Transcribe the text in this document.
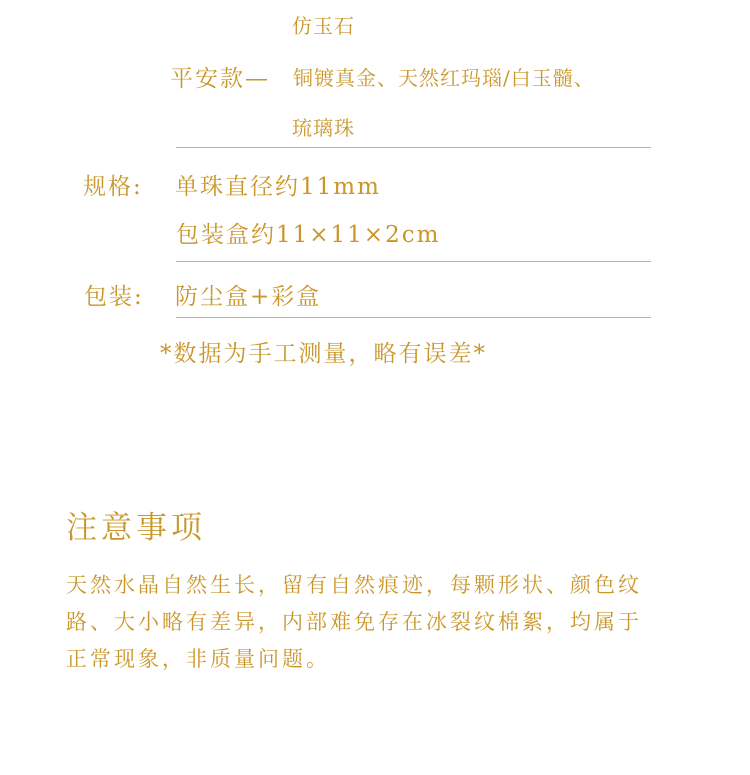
仿玉石
平安款— 铜镀真金、天然红玛瑙/白玉髓、
琉璃珠
规格: 单珠直径约11mm
包装盒约11×11×2cm
包装: 防尘盒+彩盒
*数据为手工测量，略有误差*
注意事项
天然水晶自然生长，留有自然痕迹，每颗形状、颜色纹
路、大小略有差异，内部难免存在冰裂纹棉絮，均属于
正常现象，非质量问题。
